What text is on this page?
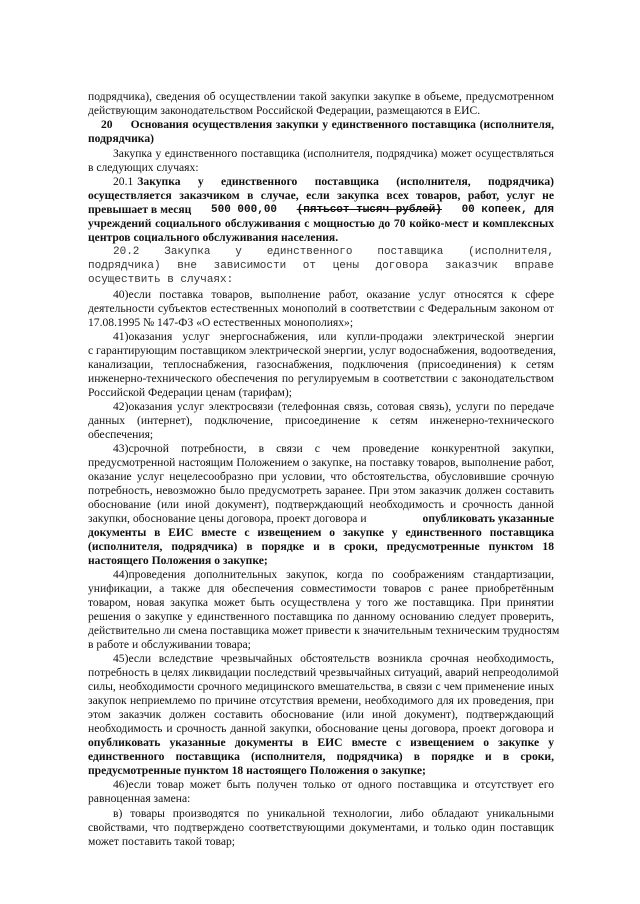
подрядчика), сведения об осуществлении такой закупки закупке в объеме, предусмотренном
действующим законодательством Российской Федерации, размещаются в ЕИС.
20 Основания осуществления закупки у единственного поставщика (исполнителя,
подрядчика)
Закупка у единственного поставщика (исполнителя, подрядчика) может осуществляться
в следующих случаях:
20.1 Закупка у единственного поставщика (исполнителя, подрядчика)
осуществляется заказчиком в случае, если закупка всех товаров, работ, услуг не
превышает в месяц 500 000,00 (пятьсот тысяч рублей) 00 копеек, для
учреждений социального обслуживания с мощностью до 70 койко-мест и комплексных
центров социального обслуживания населения.
20.2 Закупка у единственного поставщика (исполнителя,
подрядчика) вне зависимости от цены договора заказчик вправе
осуществить в случаях:
40)если поставка товаров, выполнение работ, оказание услуг относятся к сфере
деятельности субъектов естественных монополий в соответствии с Федеральным законом от
17.08.1995 № 147-ФЗ «О естественных монополиях»;
41)оказания услуг энергоснабжения, или купли-продажи электрической энергии
с гарантирующим поставщиком электрической энергии, услуг водоснабжения, водоотведения,
канализации, теплоснабжения, газоснабжения, подключения (присоединения) к сетям
инженерно-технического обеспечения по регулируемым в соответствии с законодательством
Российской Федерации ценам (тарифам);
42)оказания услуг электросвязи (телефонная связь, сотовая связь), услуги по передаче
данных (интернет), подключение, присоединение к сетям инженерно-технического
обеспечения;
43)срочной потребности, в связи с чем проведение конкурентной закупки,
предусмотренной настоящим Положением о закупке, на поставку товаров, выполнение работ,
оказание услуг нецелесообразно при условии, что обстоятельства, обусловившие срочную
потребность, невозможно было предусмотреть заранее. При этом заказчик должен составить
обоснование (или иной документ), подтверждающий необходимость и срочность данной
закупки, обоснование цены договора, проект договора и	опубликовать указанные
документы в ЕИС вместе с извещением о закупке у единственного поставщика
(исполнителя, подрядчика) в порядке и в сроки, предусмотренные пунктом 18
настоящего Положения о закупке;
44)проведения дополнительных закупок, когда по соображениям стандартизации,
унификации, а также для обеспечения совместимости товаров с ранее приобретённым
товаром, новая закупка может быть осуществлена у того же поставщика. При принятии
решения о закупке у единственного поставщика по данному основанию следует проверить,
действительно ли смена поставщика может привести к значительным техническим трудностям
в работе и обслуживании товара;
45)если вследствие чрезвычайных обстоятельств возникла срочная необходимость,
потребность в целях ликвидации последствий чрезвычайных ситуаций, аварий непреодолимой
силы, необходимости срочного медицинского вмешательства, в связи с чем применение иных
закупок неприемлемо по причине отсутствия времени, необходимого для их проведения, при
этом заказчик должен составить обоснование (или иной документ), подтверждающий
необходимость и срочность данной закупки, обоснование цены договора, проект договора и
опубликовать указанные документы в ЕИС вместе с извещением о закупке у
единственного поставщика (исполнителя, подрядчика) в порядке и в сроки,
предусмотренные пунктом 18 настоящего Положения о закупке;
46)если товар может быть получен только от одного поставщика и отсутствует его
равноценная замена:
в) товары производятся по уникальной технологии, либо обладают уникальными
свойствами, что подтверждено соответствующими документами, и только один поставщик
может поставить такой товар;
